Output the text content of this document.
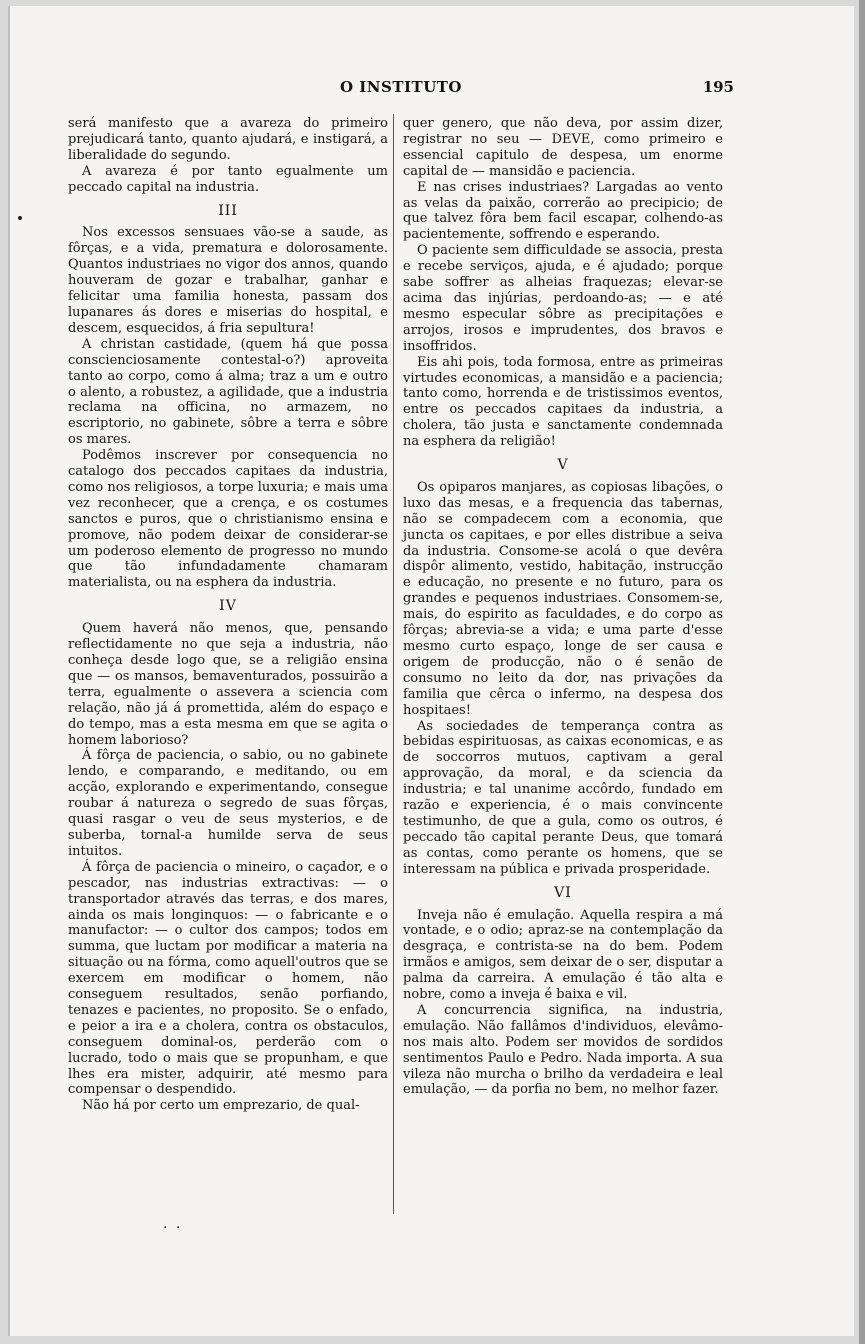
O INSTITUTO	195

será manifesto que a avareza do primeiro prejudicará tanto, quanto ajudará, e instigará, a liberalidade do segundo.

A avareza é por tanto egualmente um peccado capital na industria.

III

Nos excessos sensuaes vão-se a saude, as fôrças, e a vida, prematura e dolorosamente. Quantos industriaes no vigor dos annos, quando houveram de gozar e trabalhar, ganhar e felicitar uma familia honesta, passam dos lupanares ás dores e miserias do hospital, e descem, esquecidos, á fria sepultura!

A christan castidade, (quem há que possa conscienciosamente contestal-o?) aproveita tanto ao corpo, como á alma; traz a um e outro o alento, a robustez, a agilidade, que a industria reclama na officina, no armazem, no escriptorio, no gabinete, sôbre a terra e sôbre os mares.

Podêmos inscrever por consequencia no catalogo dos peccados capitaes da industria, como nos religiosos, a torpe luxuria; e mais uma vez reconhecer, que a crença, e os costumes sanctos e puros, que o christianismo ensina e promove, não podem deixar de considerar-se um poderoso elemento de progresso no mundo que tão infundadamente chamaram materialista, ou na esphera da industria.

IV

Quem haverá não menos, que, pensando reflectidamente no que seja a industria, não conheça desde logo que, se a religião ensina que — os mansos, bemaventurados, possuirão a terra, egualmente o assevera a sciencia com relação, não já á promettida, além do espaço e do tempo, mas a esta mesma em que se agita o homem laborioso?

Á fôrça de paciencia, o sabio, ou no gabinete lendo, e comparando, e meditando, ou em acção, explorando e experimentando, consegue roubar á natureza o segredo de suas fôrças, quasi rasgar o veu de seus mysterios, e de suberba, tornal-a humilde serva de seus intuitos.

Á fôrça de paciencia o mineiro, o caçador, e o pescador, nas industrias extractivas: — o transportador através das terras, e dos mares, ainda os mais longinquos: — o fabricante e o manufactor: — o cultor dos campos; todos em summa, que luctam por modificar a materia na situação ou na fórma, como aquell'outros que se exercem em modificar o homem, não conseguem resultados, senão porfiando, tenazes e pacientes, no proposito. Se o enfado, e peior a ira e a cholera, contra os obstaculos, conseguem dominal-os, perderão com o lucrado, todo o mais que se propunham, e que lhes era mister, adquirir, até mesmo para compensar o despendido.

Não há por certo um emprezario, de qual-

quer genero, que não deva, por assim dizer, registrar no seu — DEVE, como primeiro e essencial capitulo de despesa, um enorme capital de — mansidão e paciencia.

E nas crises industriaes? Largadas ao vento as velas da paixão, correrão ao precipicio; de que talvez fôra bem facil escapar, colhendo-as pacientemente, soffrendo e esperando.

O paciente sem difficuldade se associa, presta e recebe serviços, ajuda, e é ajudado; porque sabe soffrer as alheias fraquezas; elevar-se acima das injúrias, perdoando-as; — e até mesmo especular sôbre as precipitações e arrojos, irosos e imprudentes, dos bravos e insoffridos.

Eis ahi pois, toda formosa, entre as primeiras virtudes economicas, a mansidão e a paciencia; tanto como, horrenda e de tristissimos eventos, entre os peccados capitaes da industria, a cholera, tão justa e sanctamente condemnada na esphera da religião!

V

Os opiparos manjares, as copiosas libações, o luxo das mesas, e a frequencia das tabernas, não se compadecem com a economia, que juncta os capitaes, e por elles distribue a seiva da industria. Consome-se acolá o que devêra dispôr alimento, vestido, habitação, instrucção e educação, no presente e no futuro, para os grandes e pequenos industriaes. Consomem-se, mais, do espirito as faculdades, e do corpo as fôrças; abrevia-se a vida; e uma parte d'esse mesmo curto espaço, longe de ser causa e origem de producção, não o é senão de consumo no leito da dor, nas privações da familia que cêrca o infermo, na despesa dos hospitaes!

As sociedades de temperança contra as bebidas espirituosas, as caixas economicas, e as de soccorros mutuos, captivam a geral approvação, da moral, e da sciencia da industria; e tal unanime accôrdo, fundado em razão e experiencia, é o mais convincente testimunho, de que a gula, como os outros, é peccado tão capital perante Deus, que tomará as contas, como perante os homens, que se interessam na pública e privada prosperidade.

VI

Inveja não é emulação. Aquella respira a má vontade, e o odio; apraz-se na contemplação da desgraça, e contrista-se na do bem. Podem irmãos e amigos, sem deixar de o ser, disputar a palma da carreira. A emulação é tão alta e nobre, como a inveja é baixa e vil.

A concurrencia significa, na industria, emulação. Não fallâmos d'individuos, elevâmo-nos mais alto. Podem ser movidos de sordidos sentimentos Paulo e Pedro. Nada importa. A sua vileza não murcha o brilho da verdadeira e leal emulação, — da porfia no bem, no melhor fazer.

. .
